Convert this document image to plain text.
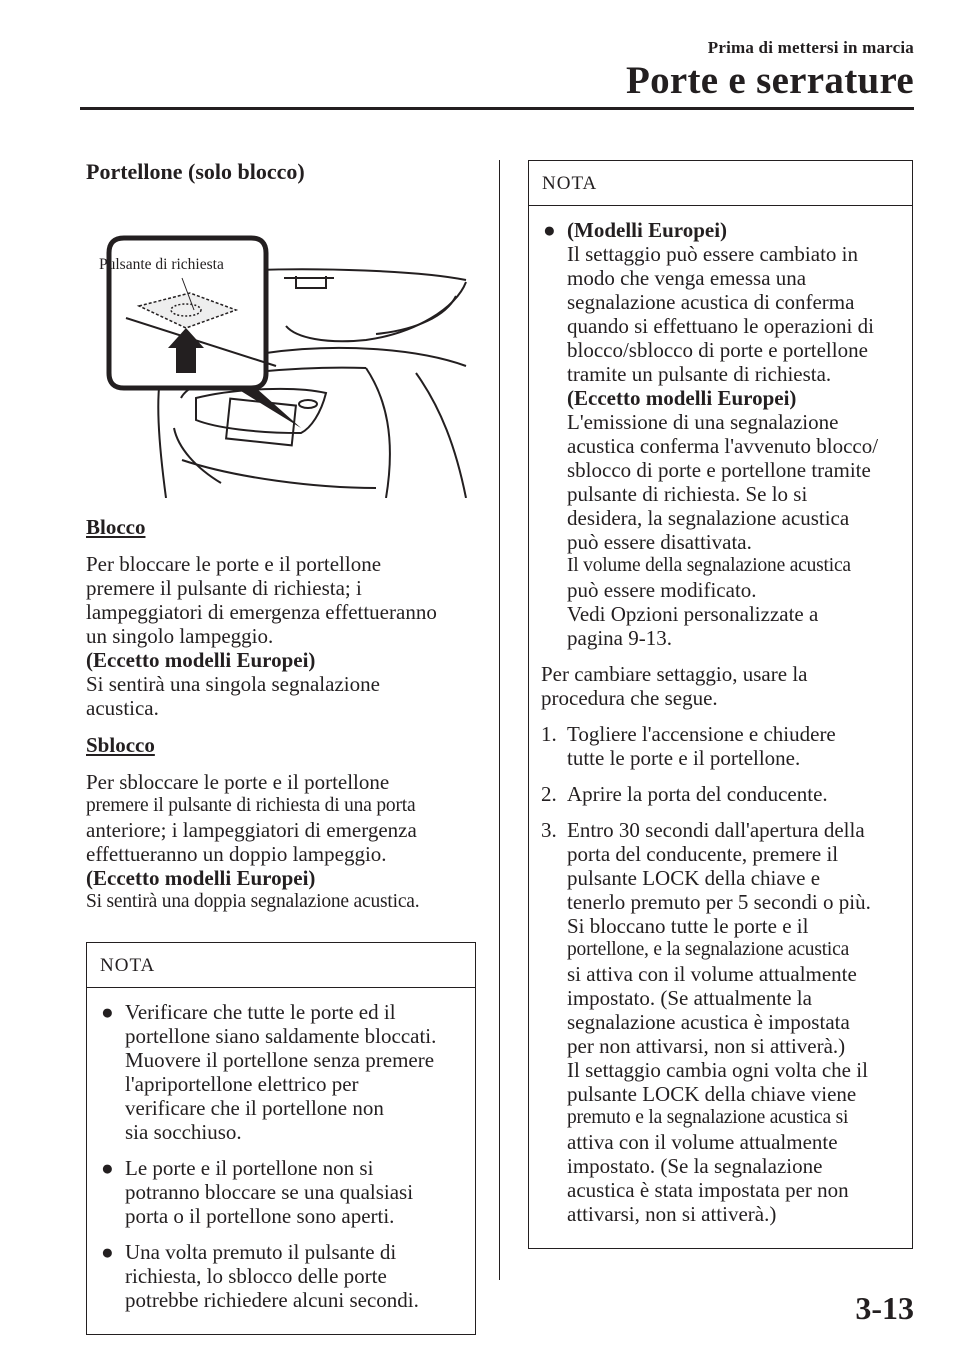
Prima di mettersi in marcia
Porte e serrature
Portellone (solo blocco)
Pulsante di richiesta
Blocco
Per bloccare le porte e il portellone
premere il pulsante di richiesta; i
lampeggiatori di emergenza effettueranno
un singolo lampeggio.
(Eccetto modelli Europei)
Si sentirà una singola segnalazione
acustica.
Sblocco
Per sbloccare le porte e il portellone
premere il pulsante di richiesta di una porta
anteriore; i lampeggiatori di emergenza
effettueranno un doppio lampeggio.
(Eccetto modelli Europei)
Si sentirà una doppia segnalazione acustica.
NOTA
● Verificare che tutte le porte ed il
portellone siano saldamente bloccati.
Muovere il portellone senza premere
l'apriportellone elettrico per
verificare che il portellone non
sia socchiuso.
● Le porte e il portellone non si
potranno bloccare se una qualsiasi
porta o il portellone sono aperti.
● Una volta premuto il pulsante di
richiesta, lo sblocco delle porte
potrebbe richiedere alcuni secondi.
NOTA
● (Modelli Europei)
Il settaggio può essere cambiato in
modo che venga emessa una
segnalazione acustica di conferma
quando si effettuano le operazioni di
blocco/sblocco di porte e portellone
tramite un pulsante di richiesta.
(Eccetto modelli Europei)
L'emissione di una segnalazione
acustica conferma l'avvenuto blocco/
sblocco di porte e portellone tramite
pulsante di richiesta. Se lo si
desidera, la segnalazione acustica
può essere disattivata.
Il volume della segnalazione acustica
può essere modificato.
Vedi Opzioni personalizzate a
pagina 9-13.
Per cambiare settaggio, usare la
procedura che segue.
1. Togliere l'accensione e chiudere
tutte le porte e il portellone.
2. Aprire la porta del conducente.
3. Entro 30 secondi dall'apertura della
porta del conducente, premere il
pulsante LOCK della chiave e
tenerlo premuto per 5 secondi o più.
Si bloccano tutte le porte e il
portellone, e la segnalazione acustica
si attiva con il volume attualmente
impostato. (Se attualmente la
segnalazione acustica è impostata
per non attivarsi, non si attiverà.)
Il settaggio cambia ogni volta che il
pulsante LOCK della chiave viene
premuto e la segnalazione acustica si
attiva con il volume attualmente
impostato. (Se la segnalazione
acustica è stata impostata per non
attivarsi, non si attiverà.)
3-13
